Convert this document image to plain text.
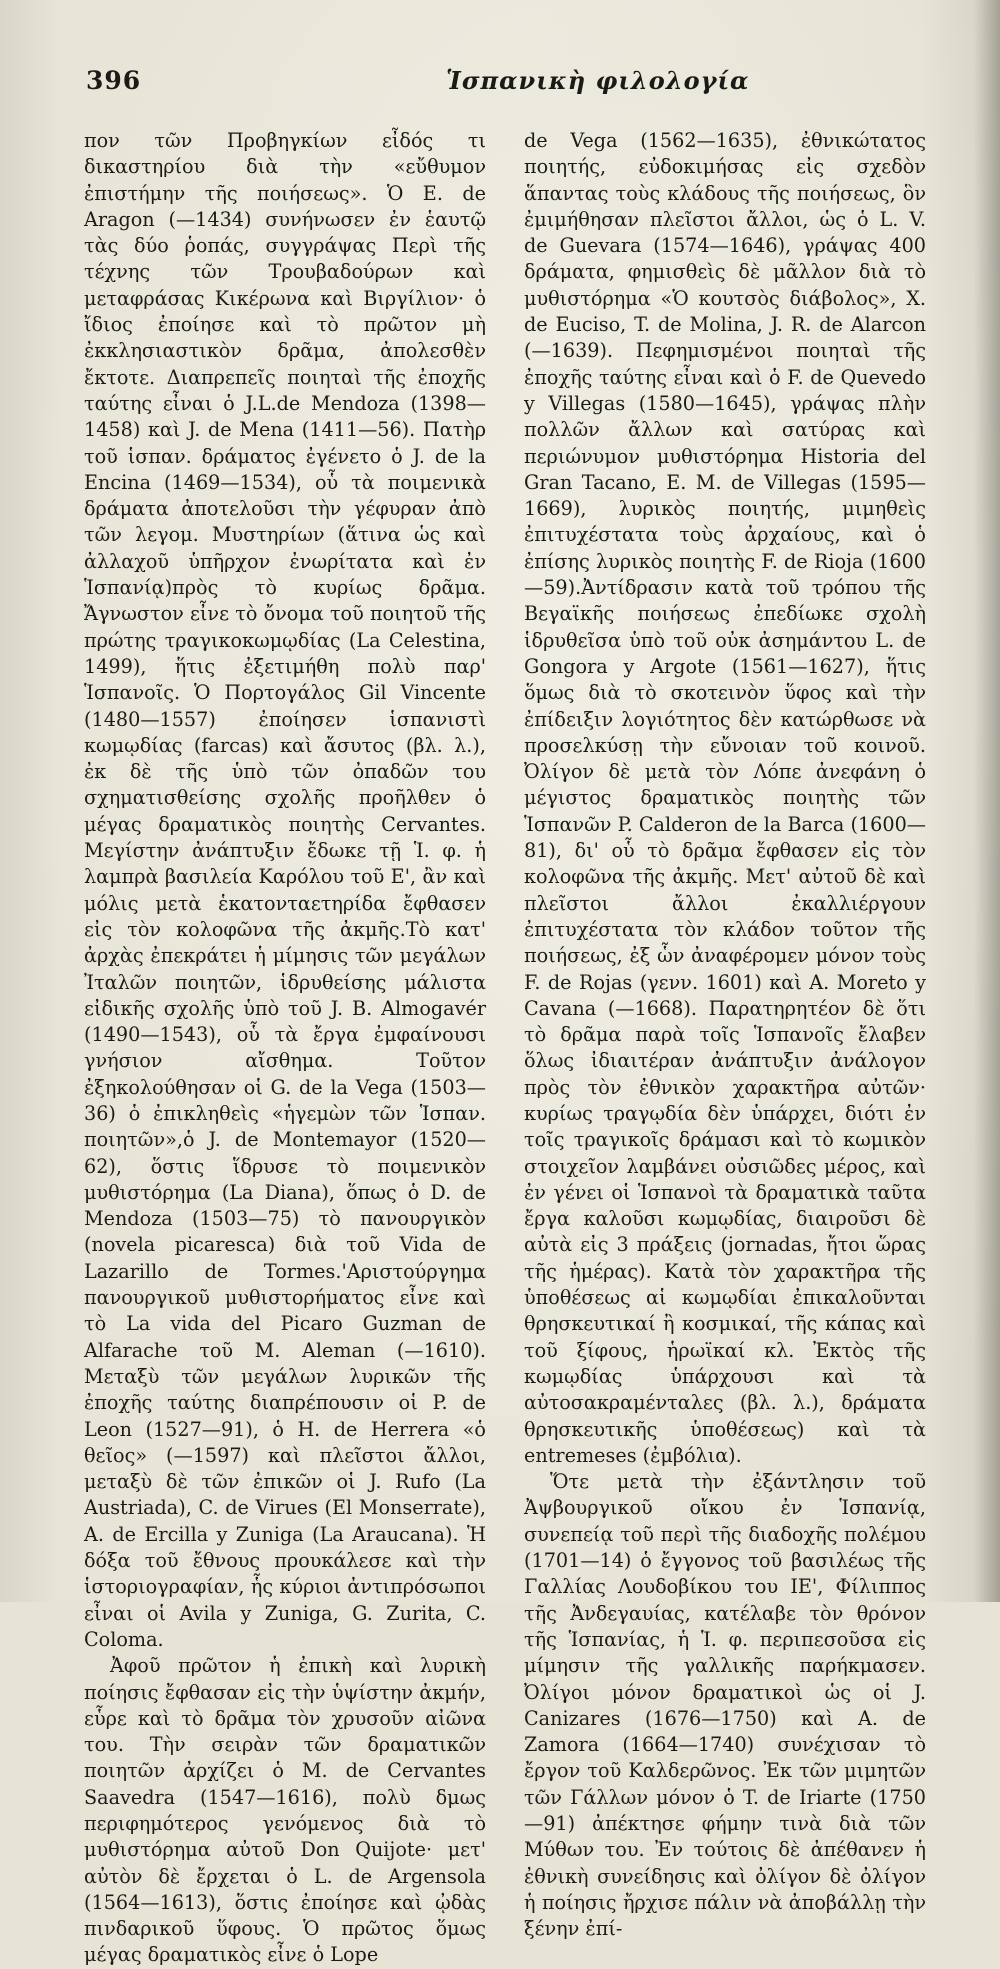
396	Ἱσπανικὴ φιλολογία

πον τῶν Προβηγκίων εἶδός τι δικαστηρίου διὰ τὴν «εὔθυμον ἐπιστήμην τῆς ποιήσεως». Ὁ E. de Aragon (—1434) συνήνωσεν ἐν ἑαυτῷ τὰς δύο ῥοπάς, συγγράψας Περὶ τῆς τέχνης τῶν Τρουβαδούρων καὶ μεταφράσας Κικέρωνα καὶ Βιργίλιον· ὁ ἴδιος ἐποίησε καὶ τὸ πρῶτον μὴ ἐκκλησιαστικὸν δρᾶμα, ἀπολεσθὲν ἔκτοτε. Διαπρεπεῖς ποιηταὶ τῆς ἐποχῆς ταύτης εἶναι ὁ J.L.de Mendoza (1398—1458) καὶ J. de Mena (1411—56). Πατὴρ τοῦ ἱσπαν. δράματος ἐγένετο ὁ J. de la Encina (1469—1534), οὗ τὰ ποιμενικὰ δράματα ἀποτελοῦσι τὴν γέφυραν ἀπὸ τῶν λεγομ. Μυστηρίων (ἅτινα ὡς καὶ ἀλλαχοῦ ὑπῆρχον ἐνωρίτατα καὶ ἐν Ἱσπανίᾳ)πρὸς τὸ κυρίως δρᾶμα. Ἄγνωστον εἶνε τὸ ὄνομα τοῦ ποιητοῦ τῆς πρώτης τραγικοκωμῳδίας (La Celestina, 1499), ἥτις ἐξετιμήθη πολὺ παρ' Ἱσπανοῖς. Ὁ Πορτογάλος Gil Vincente (1480—1557) ἐποίησεν ἱσπανιστὶ κωμῳδίας (farcas) καὶ ἄσυτος (βλ. λ.), ἐκ δὲ τῆς ὑπὸ τῶν ὀπαδῶν του σχηματισθείσης σχολῆς προῆλθεν ὁ μέγας δραματικὸς ποιητὴς Cervantes. Μεγίστην ἀνάπτυξιν ἔδωκε τῇ Ἱ. φ. ἡ λαμπρὰ βασιλεία Καρόλου τοῦ Ε', ἂν καὶ μόλις μετὰ ἑκατονταετηρίδα ἔφθασεν εἰς τὸν κολοφῶνα τῆς ἀκμῆς.Τὸ κατ' ἀρχὰς ἐπεκράτει ἡ μίμησις τῶν μεγάλων Ἰταλῶν ποιητῶν, ἱδρυθείσης μάλιστα εἰδικῆς σχολῆς ὑπὸ τοῦ J. B. Almogavér (1490—1543), οὗ τὰ ἔργα ἐμφαίνουσι γνήσιον αἴσθημα. Τοῦτον ἐξηκολούθησαν οἱ G. de la Vega (1503—36) ὁ ἐπικληθεὶς «ἡγεμὼν τῶν Ἱσπαν. ποιητῶν»,ὁ J. de Montemayor (1520—62), ὅστις ἵδρυσε τὸ ποιμενικὸν μυθιστόρημα (La Diana), ὅπως ὁ D. de Mendoza (1503—75) τὸ πανουργικὸν (novela picaresca) διὰ τοῦ Vida de Lazarillo de Tormes.'Αριστούργημα πανουργικοῦ μυθιστορήματος εἶνε καὶ τὸ La vida del Picaro Guzman de Alfarache τοῦ M. Aleman (—1610). Μεταξὺ τῶν μεγάλων λυρικῶν τῆς ἐποχῆς ταύτης διαπρέπουσιν οἱ P. de Leon (1527—91), ὁ H. de Herrera «ὁ θεῖος» (—1597) καὶ πλεῖστοι ἄλλοι, μεταξὺ δὲ τῶν ἐπικῶν οἱ J. Rufo (La Austriada), C. de Virues (El Monserrate), A. de Ercilla y Zuniga (La Araucana). Ἡ δόξα τοῦ ἔθνους προυκάλεσε καὶ τὴν ἱστοριογραφίαν, ἧς κύριοι ἀντιπρόσωποι εἶναι οἱ Avila y Zuniga, G. Zurita, C. Coloma.

Ἀφοῦ πρῶτον ἡ ἐπικὴ καὶ λυρικὴ ποίησις ἔφθασαν εἰς τὴν ὑψίστην ἀκμήν, εὗρε καὶ τὸ δρᾶμα τὸν χρυσοῦν αἰῶνα του. Τὴν σειρὰν τῶν δραματικῶν ποιητῶν ἀρχίζει ὁ M. de Cervantes Saavedra (1547—1616), πολὺ δμως περιφημότερος γενόμενος διὰ τὸ μυθιστόρημα αὐτοῦ Don Quijote· μετ' αὐτὸν δὲ ἔρχεται ὁ L. de Argensola (1564—1613), ὅστις ἐποίησε καὶ ᾠδὰς πινδαρικοῦ ὕφους. Ὁ πρῶτος ὅμως μέγας δραματικὸς εἶνε ὁ Lope

de Vega (1562—1635), ἐθνικώτατος ποιητής, εὐδοκιμήσας εἰς σχεδὸν ἅπαντας τοὺς κλάδους τῆς ποιήσεως, ὃν ἐμιμήθησαν πλεῖστοι ἄλλοι, ὡς ὁ L. V. de Guevara (1574—1646), γράψας 400 δράματα, φημισθεὶς δὲ μᾶλλον διὰ τὸ μυθιστόρημα «Ὁ κουτσὸς διάβολος», X. de Euciso, T. de Molina, J. R. de Alarcon (—1639). Πεφημισμένοι ποιηταὶ τῆς ἐποχῆς ταύτης εἶναι καὶ ὁ F. de Quevedo y Villegas (1580—1645), γράψας πλὴν πολλῶν ἄλλων καὶ σατύρας καὶ περιώνυμον μυθιστόρημα Historia del Gran Tacano, E. M. de Villegas (1595—1669), λυρικὸς ποιητής, μιμηθεὶς ἐπιτυχέστατα τοὺς ἀρχαίους, καὶ ὁ ἐπίσης λυρικὸς ποιητὴς F. de Rioja (1600—59).Ἀντίδρασιν κατὰ τοῦ τρόπου τῆς Βεγαϊκῆς ποιήσεως ἐπεδίωκε σχολὴ ἱδρυθεῖσα ὑπὸ τοῦ οὐκ ἀσημάντου L. de Gongora y Argote (1561—1627), ἥτις ὅμως διὰ τὸ σκοτεινὸν ὕφος καὶ τὴν ἐπίδειξιν λογιότητος δὲν κατώρθωσε νὰ προσελκύσῃ τὴν εὔνοιαν τοῦ κοινοῦ. Ὀλίγον δὲ μετὰ τὸν Λόπε ἀνεφάνη ὁ μέγιστος δραματικὸς ποιητὴς τῶν Ἱσπανῶν P. Calderon de la Barca (1600—81), δι' οὗ τὸ δρᾶμα ἔφθασεν εἰς τὸν κολοφῶνα τῆς ἀκμῆς. Μετ' αὐτοῦ δὲ καὶ πλεῖστοι ἄλλοι ἐκαλλιέργουν ἐπιτυχέστατα τὸν κλάδον τοῦτον τῆς ποιήσεως, ἐξ ὧν ἀναφέρομεν μόνον τοὺς F. de Rojas (γενν. 1601) καὶ A. Moreto y Cavana (—1668). Παρατηρητέον δὲ ὅτι τὸ δρᾶμα παρὰ τοῖς Ἱσπανοῖς ἔλαβεν ὅλως ἰδιαιτέραν ἀνάπτυξιν ἀνάλογον πρὸς τὸν ἐθνικὸν χαρακτῆρα αὐτῶν· κυρίως τραγῳδία δὲν ὑπάρχει, διότι ἐν τοῖς τραγικοῖς δράμασι καὶ τὸ κωμικὸν στοιχεῖον λαμβάνει οὐσιῶδες μέρος, καὶ ἐν γένει οἱ Ἱσπανοὶ τὰ δραματικὰ ταῦτα ἔργα καλοῦσι κωμῳδίας, διαιροῦσι δὲ αὐτὰ εἰς 3 πράξεις (jornadas, ἤτοι ὥρας τῆς ἡμέρας). Κατὰ τὸν χαρακτῆρα τῆς ὑποθέσεως αἱ κωμῳδίαι ἐπικαλοῦνται θρησκευτικαί ἢ κοσμικαί, τῆς κάπας καὶ τοῦ ξίφους, ἡρωϊκαί κλ. Ἐκτὸς τῆς κωμῳδίας ὑπάρχουσι καὶ τὰ αὐτοσακραμένταλες (βλ. λ.), δράματα θρησκευτικῆς ὑποθέσεως) καὶ τὰ entremeses (ἐμβόλια).

Ὅτε μετὰ τὴν ἐξάντλησιν τοῦ Ἀψβουργικοῦ οἴκου ἐν Ἱσπανίᾳ, συνεπείᾳ τοῦ περὶ τῆς διαδοχῆς πολέμου (1701—14) ὁ ἔγγονος τοῦ βασιλέως τῆς Γαλλίας Λουδοβίκου του ΙΕ', Φίλιππος τῆς Ἀνδεγαυίας, κατέλαβε τὸν θρόνον τῆς Ἱσπανίας, ἡ Ἱ. φ. περιπεσοῦσα εἰς μίμησιν τῆς γαλλικῆς παρήκμασεν. Ὀλίγοι μόνον δραματικοὶ ὡς οἱ J. Canizares (1676—1750) καὶ A. de Zamora (1664—1740) συνέχισαν τὸ ἔργον τοῦ Καλδερῶνος. Ἐκ τῶν μιμητῶν τῶν Γάλλων μόνον ὁ T. de Iriarte (1750—91) ἀπέκτησε φήμην τινὰ διὰ τῶν Μύθων του. Ἐν τούτοις δὲ ἀπέθανεν ἡ ἐθνικὴ συνείδησις καὶ ὀλίγον δὲ ὀλίγον ἡ ποίησις ἤρχισε πάλιν νὰ ἀποβάλλῃ τὴν ξένην ἐπί-
